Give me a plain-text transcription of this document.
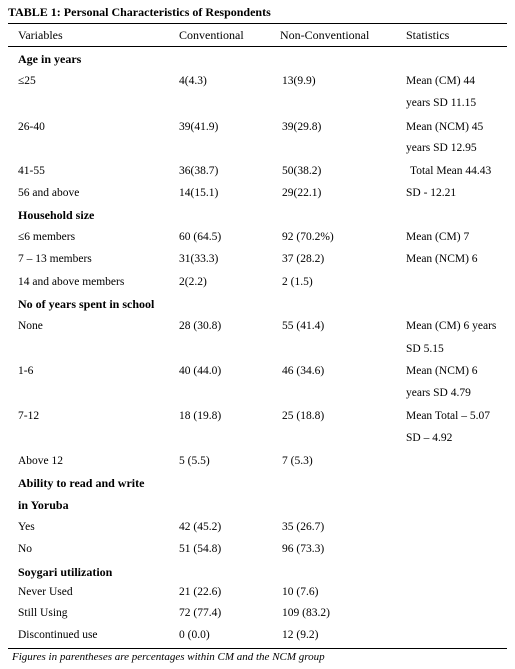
TABLE 1: Personal Characteristics of Respondents
Variables	Conventional	Non-Conventional	Statistics
Age in years
≤25	4(4.3)	13(9.9)	Mean (CM) 44
years SD 11.15
26-40	39(41.9)	39(29.8)	Mean (NCM) 45
years SD 12.95
41-55	36(38.7)	50(38.2)	Total Mean 44.43
56 and above	14(15.1)	29(22.1)	SD - 12.21
Household size
≤6 members	60 (64.5)	92 (70.2%)	Mean (CM) 7
7 – 13 members	31(33.3)	37 (28.2)	Mean (NCM) 6
14 and above members	2(2.2)	2 (1.5)
No of years spent in school
None	28 (30.8)	55 (41.4)	Mean (CM) 6 years
SD 5.15
1-6	40 (44.0)	46 (34.6)	Mean (NCM) 6
years SD 4.79
7-12	18 (19.8)	25 (18.8)	Mean Total – 5.07
SD – 4.92
Above 12	5 (5.5)	7 (5.3)
Ability to read and write
in Yoruba
Yes	42 (45.2)	35 (26.7)
No	51 (54.8)	96 (73.3)
Soygari utilization
Never Used	21 (22.6)	10 (7.6)
Still Using	72 (77.4)	109 (83.2)
Discontinued use	0 (0.0)	12 (9.2)
Figures in parentheses are percentages within CM and the NCM group
